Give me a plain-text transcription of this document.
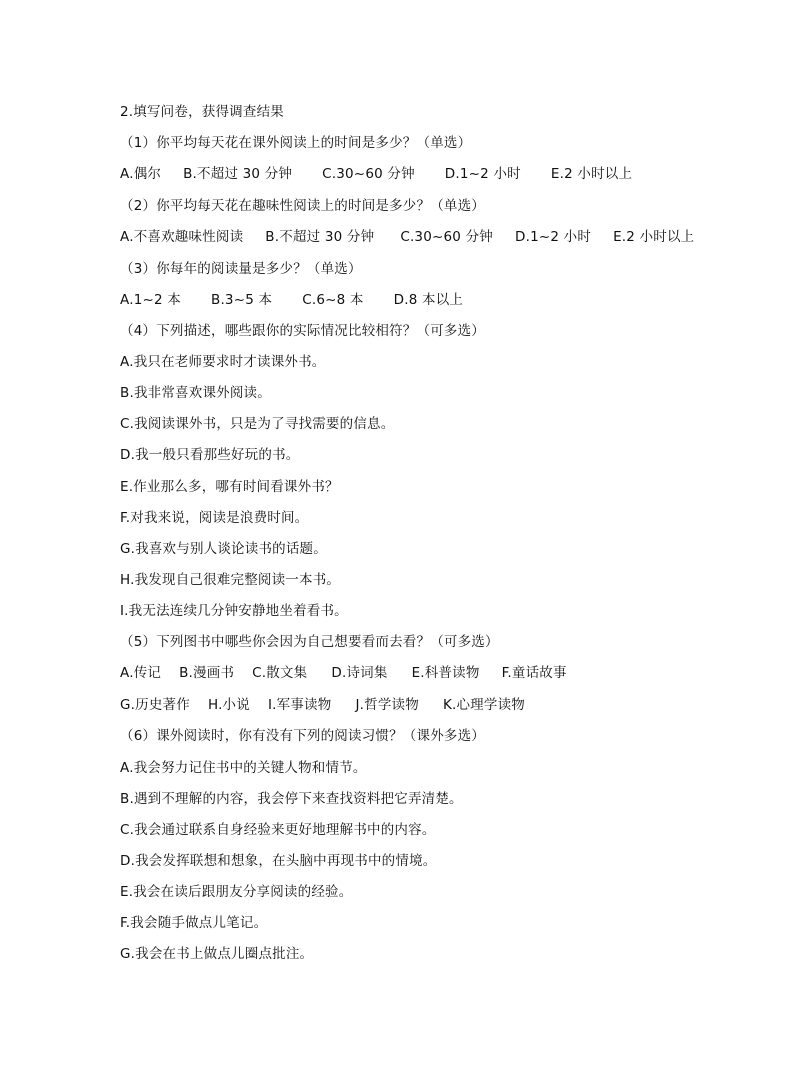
2.填写问卷，获得调查结果
（1）你平均每天花在课外阅读上的时间是多少？（单选）
A.偶尔 B.不超过 30 分钟 C.30~60 分钟 D.1~2 小时 E.2 小时以上
（2）你平均每天花在趣味性阅读上的时间是多少？（单选）
A.不喜欢趣味性阅读 B.不超过 30 分钟 C.30~60 分钟 D.1~2 小时 E.2 小时以上
（3）你每年的阅读量是多少？（单选）
A.1~2 本 B.3~5 本 C.6~8 本 D.8 本以上
（4）下列描述，哪些跟你的实际情况比较相符？（可多选）
A.我只在老师要求时才读课外书。
B.我非常喜欢课外阅读。
C.我阅读课外书，只是为了寻找需要的信息。
D.我一般只看那些好玩的书。
E.作业那么多，哪有时间看课外书？
F.对我来说，阅读是浪费时间。
G.我喜欢与别人谈论读书的话题。
H.我发现自己很难完整阅读一本书。
I.我无法连续几分钟安静地坐着看书。
（5）下列图书中哪些你会因为自己想要看而去看？（可多选）
A.传记 B.漫画书 C.散文集 D.诗词集 E.科普读物 F.童话故事
G.历史著作 H.小说 I.军事读物 J.哲学读物 K.心理学读物
（6）课外阅读时，你有没有下列的阅读习惯？（课外多选）
A.我会努力记住书中的关键人物和情节。
B.遇到不理解的内容，我会停下来查找资料把它弄清楚。
C.我会通过联系自身经验来更好地理解书中的内容。
D.我会发挥联想和想象，在头脑中再现书中的情境。
E.我会在读后跟朋友分享阅读的经验。
F.我会随手做点儿笔记。
G.我会在书上做点儿圈点批注。
